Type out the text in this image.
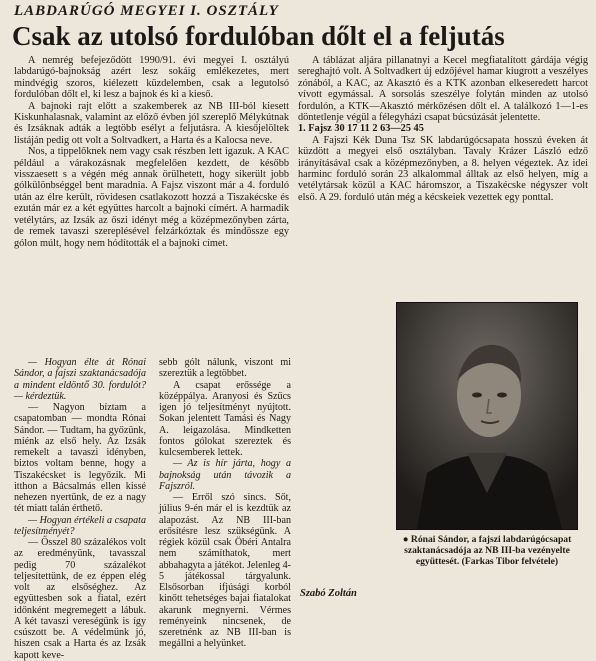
LABDARÚGÓ MEGYEI I. OSZTÁLY
Csak az utolsó fordulóban dőlt el a feljutás

A nemrég befejeződött 1990/91. évi megyei I. osztályú labdarúgó-bajnokság azért lesz sokáig emlékezetes, mert mindvégig szoros, kiélezett küzdelemben, csak a legutolsó fordulóban dőlt el, ki lesz a bajnok és ki a kieső.

A bajnoki rajt előtt a szakemberek az NB III-ból kiesett Kiskunhalasnak, valamint az előző évben jól szereplő Mélykútnak és Izsáknak adták a legtöbb esélyt a feljutásra. A kiesőjelöltek listáján pedig ott volt a Soltvadkert, a Harta és a Kalocsa neve.

Nos, a tippelőknek nem vagy csak részben lett igazuk. A KAC például a várakozásnak megfelelően kezdett, de később visszaesett s a végén még annak örülhetett, hogy sikerült jobb gólkülönbséggel bent maradnia. A Fajsz viszont már a 4. forduló után az élre került, rövidesen csatlakozott hozzá a Tiszakécske és ezután már ez a két együttes harcolt a bajnoki címért. A harmadik vetélytárs, az Izsák az őszi idényt még a középmezőnyben zárta, de remek tavaszi szereplésével felzárkóztak és mindössze egy gólon múlt, hogy nem hódították el a bajnoki címet.

A táblázat aljára pillanatnyi a Kecel megfiatalított gárdája végig sereghajtó volt. A Soltvadkert új edzőjével hamar kiugrott a veszélyes zónából, a KAC, az Akasztó és a KTK azonban elkeseredett harcot vívott egymással. A sorsolás szeszélye folytán minden az utolsó fordulón, a KTK—Akasztó mérkőzésen dőlt el. A találkozó 1—1-es döntetlenje végül a félegyházi csapat búcsúzását jelentette.

1. Fajsz 30 17 11 2 63—25 45

A Fajszi Kék Duna Tsz SK labdarúgócsapata hosszú éveken át küzdött a megyei első osztályban. Tavaly Krázer László edző irányításával csak a középmezőnyben, a 8. helyen végeztek. Az idei harminc forduló során 23 alkalommal álltak az első helyen, míg a vetélytársak közül a KAC háromszor, a Tiszakécske négyszer volt első. A 29. forduló után még a kécskeiek vezettek egy ponttal.

— Hogyan élte át Rónai Sándor, a fajszi szaktanácsadója a mindent eldöntő 30. fordulót? — kérdeztük.

— Nagyon bíztam a csapatomban — mondta Rónai Sándor. — Tudtam, ha győzünk, miénk az első hely. Az Izsák remekelt a tavaszi idényben, biztos voltam benne, hogy a Tiszakécsket is legyőzik. Mi itthon a Bácsalmás ellen kissé nehezen nyertünk, de ez a nagy tét miatt talán érthető.

— Hogyan értékeli a csapata teljesítményét?

— Ősszel 80 százalékos volt az eredményünk, tavasszal pedig 70 százalékot teljesítettünk, de ez éppen elég volt az elsőséghez. Az együttesben sok a fiatal, ezért időnként megremegett a lábuk. A két tavaszi vereségünk is így csúszott be. A védelmünk jó, hiszen csak a Harta és az Izsák kapott keve-

sebb gólt nálunk, viszont mi szereztük a legtöbbet.

A csapat erőssége a középpálya. Aranyosi és Szűcs igen jó teljesítményt nyújtott. Sokan jelentett Tamási és Nagy A. leigazolása. Mindketten fontos gólokat szereztek és kulcsemberek lettek.

— Az is hír járta, hogy a bajnokság után távozik a Fajszról.

— Erről szó sincs. Sőt, július 9-én már el is kezdtük az alapozást. Az NB III-ban erősítésre lesz szükségünk. A régiek közül csak Öbéri Antalra nem számíthatok, mert abbahagyta a játékot. Jelenleg 4-5 játékossal tárgyalunk. Elsősorban ifjúsági korból kinőtt tehetséges bajai fiatalokat akarunk megnyerni. Vérmes reményeink nincsenek, de szeretnénk az NB III-ban is megállni a helyünket.

● Rónai Sándor, a fajszi labdarúgócsapat szaktanácsadója az NB III-ba vezényelte együttesét. (Farkas Tibor felvétele)
Szabó Zoltán
